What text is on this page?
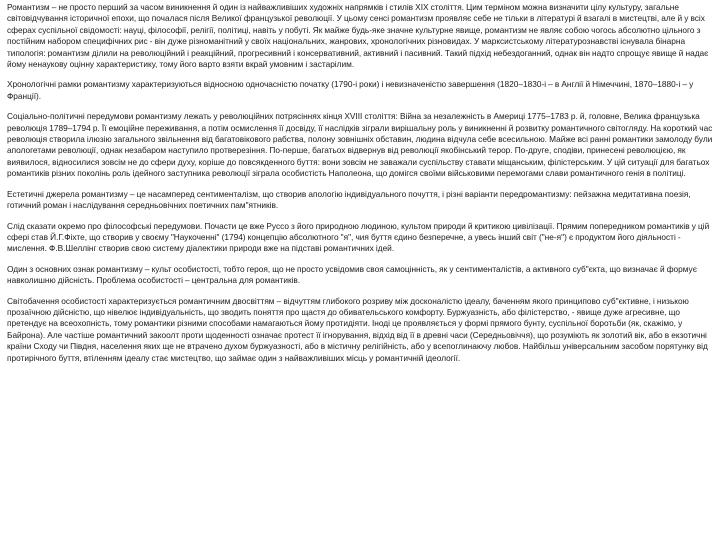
Романтизм – не просто перший за часом виникнення й один із найважливіших художніх напрямків і стилів XIX століття. Цим терміном можна визначити цілу культуру, загальне світовідчування історичної епохи, що почалася після Великої французької революції. У цьому сенсі романтизм проявляє себе не тільки в літературі й взагалі в мистецтві, але й у всіх сферах суспільної свідомості: науці, філософії, релігії, політиці, навіть у побуті. Як майже будь-яке значне культурне явище, романтизм не являє собою чогось абсолютно цільного з постійним набором специфічних рис - він дуже різноманітний у своїх національних, жанрових, хронологічних різновидах. У марксистському літературознавстві існувала бінарна типологія: романтизм ділили на революційний і реакційний, прогресивний і консервативний, активний і пасивний. Такий підхід небездоганний, однак він надто спрощує явище й надає йому ненаукову оцінну характеристику, тому його варто взяти вкрай умовним і застарілим.

Хронологічні рамки романтизму характеризуються відносною одночасністю початку (1790-і роки) і невизначеністю завершення (1820–1830-і – в Англії й Німеччині, 1870–1880-і – у Франції).

Соціально-політичні передумови романтизму лежать у революційних потрясіннях кінця XVIII століття: Війна за незалежність в Америці 1775–1783 р. й, головне, Велика французька революція 1789–1794 р. Її емоційне переживання, а потім осмислення її досвіду, її наслідків зіграли вирішальну роль у виникненні й розвитку романтичного світогляду. На короткий час революція створила ілюзію загального звільнення від багатовікового рабства, полону зовнішніх обставин, людина відчула себе всесильною. Майже всі ранні романтики замолоду були апологетами революції, однак незабаром наступило протверезіння. По-перше, багатьох відвернув від революції якобінський терор. По-друге, сподіви, принесені революцією, як виявилося, відносилися зовсім не до сфери духу, коріше до повсякденного буття: вони зовсім не заважали суспільству ставати міщанським, філістерським. У цій ситуації для багатьох романтиків різних поколінь роль ідейного заступника революції зіграла особистість Наполеона, що домігся своїми військовими перемогами слави романтичного генія в політиці.

Естетичні джерела романтизму – це насамперед сентименталізм, що створив апологію індивідуального почуття, і різні варіанти передромантизму: пейзажна медитативна поезія, готичний роман і наслідування середньовічних поетичних пам"ятників.

Слід сказати окремо про філософські передумови. Почасти це вже Руссо з його природною людиною, культом природи й критикою цивілізації. Прямим попередником романтиків у цій сфері став Й.Г.Фіхте, що створив у своєму "Наукоченні" (1794) концепцію абсолютного "я", чия буття єдино безперечне, а увесь інший світ ("не-я") є продуктом його діяльності - мислення. Ф.В.Шеллінг створив свою систему діалектики природи вже на підставі романтичних ідей.

Один з основних ознак романтизму – культ особистості, тобто героя, що не просто усвідомив своя самоцінність, як у сентименталістів, а активного суб"єкта, що визначає й формує навколишню дійсність. Проблема особистості – центральна для романтиків.

Світобачення особистості характеризується романтичним двосвіттям – відчуттям глибокого розриву між досконалістю ідеалу, баченням якого принципово суб"єктивне, і низькою прозаїчною дійсністю, що нівелює індивідуальність, що зводить поняття про щастя до обивательського комфорту. Буржуазність, або філістерство, - явище дуже агресивне, що претендує на всеохопність, тому романтики різними способами намагаються йому протидіяти. Іноді це проявляється у формі прямого бунту, суспільної боротьби (як, скажімо, у Байрона). Але частіше романтичний закоолт проти щоденності означає протест її ігнорування, відхід від її в древні часи (Середньовіччя), що розуміють як золотий вік, або в екзотичні країни Сходу чи Півдня, населення яких ще не втрачено духом буржуазності, або в містичну релігійність, або у всепоглинаючу любов. Найбільш універсальним засобом порятунку від протирічного буття, втіленням ідеалу стає мистецтво, що займає один з найважливіших місць у романтичній ідеології.
